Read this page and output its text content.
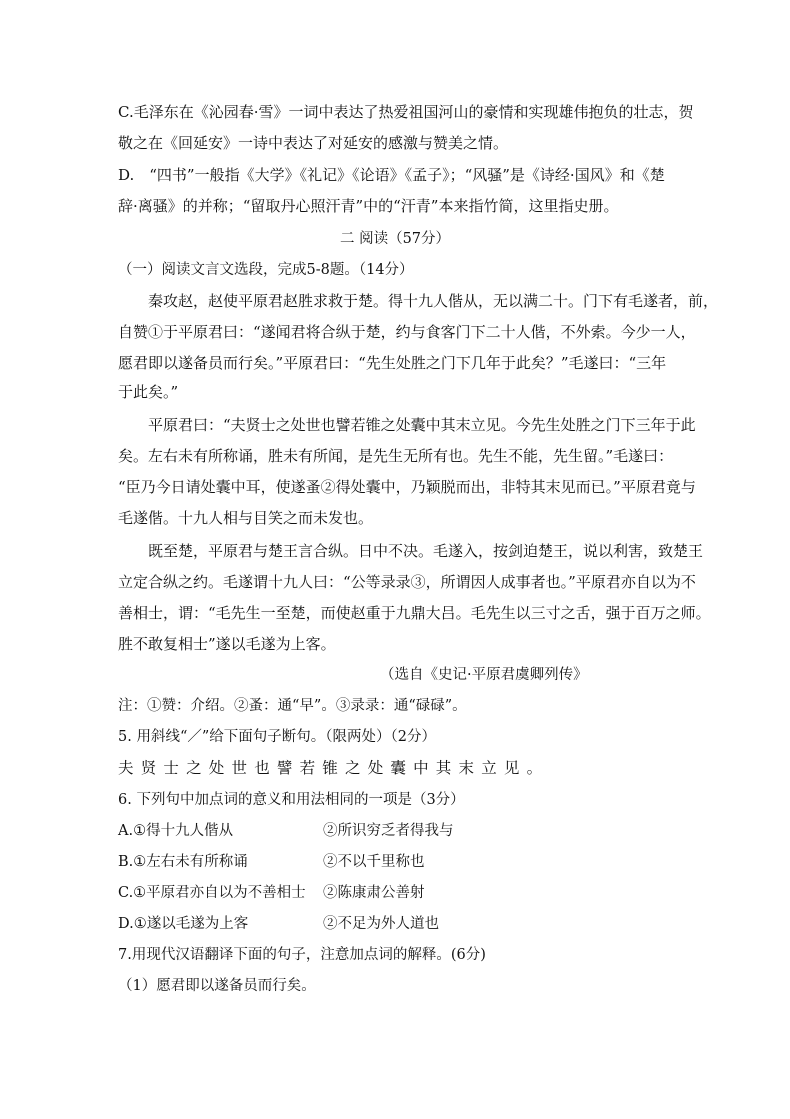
C.毛泽东在《沁园春·雪》一词中表达了热爱祖国河山的豪情和实现雄伟抱负的壮志，贺
敬之在《回延安》一诗中表达了对延安的感激与赞美之情。
D.　“四书”一般指《大学》《礼记》《论语》《孟子》；“风骚”是《诗经·国风》和《楚
辞·离骚》的并称；“留取丹心照汗青”中的“汗青”本来指竹简，这里指史册。
二 阅读（57分）
（一）阅读文言文选段，完成5-8题。（14分）
　　秦攻赵，赵使平原君赵胜求救于楚。得十九人偕从，无以满二十。门下有毛遂者，前，
自赞①于平原君曰：“遂闻君将合纵于楚，约与食客门下二十人偕，不外索。今少一人，
愿君即以遂备员而行矣。”平原君曰：“先生处胜之门下几年于此矣？”毛遂曰：“三年
于此矣。”
　　平原君曰：“夫贤士之处世也譬若锥之处囊中其末立见。今先生处胜之门下三年于此
矣。左右未有所称诵，胜未有所闻，是先生无所有也。先生不能，先生留。”毛遂曰：
“臣乃今日请处囊中耳，使遂蚤②得处囊中，乃颖脱而出，非特其末见而已。”平原君竟与
毛遂偕。十九人相与目笑之而未发也。
　　既至楚，平原君与楚王言合纵。日中不决。毛遂入，按剑迫楚王，说以利害，致楚王
立定合纵之约。毛遂谓十九人曰：“公等录录③，所谓因人成事者也。”平原君亦自以为不
善相士，谓：“毛先生一至楚，而使赵重于九鼎大吕。毛先生以三寸之舌，强于百万之师。
胜不敢复相士”遂以毛遂为上客。
（选自《史记·平原君虞卿列传》
注：①赞：介绍。②蚤：通“早”。③录录：通“碌碌”。
5. 用斜线“／”给下面句子断句。（限两处）（2分）
夫贤士之处世也譬若锥之处囊中其末立见。
6. 下列句中加点词的意义和用法相同的一项是（3分）
A.①得十九人偕从	②所识穷乏者得我与
B.①左右未有所称诵	②不以千里称也
C.①平原君亦自以为不善相士 ②陈康肃公善射
D.①遂以毛遂为上客	②不足为外人道也
7.用现代汉语翻译下面的句子，注意加点词的解释。(6分)
（1）愿君即以遂备员而行矣。
